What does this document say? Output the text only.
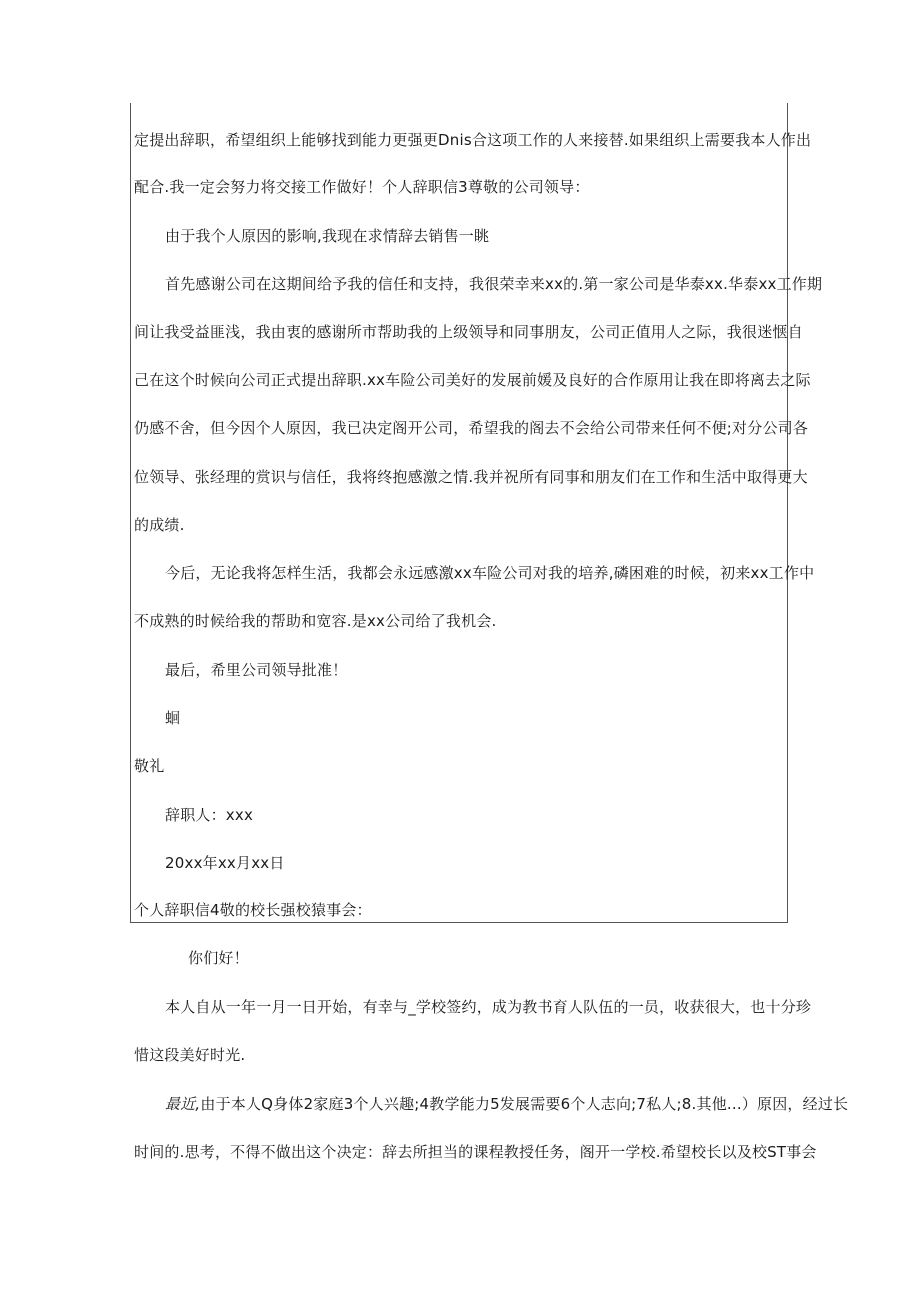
定提出辞职，希望组织上能够找到能力更强更Dnis合这项工作的人来接替.如果组织上需要我本人作出
配合.我一定会努力将交接工作做好！个人辞职信3尊敬的公司领导：
由于我个人原因的影响,我现在求情辞去销售一眺
首先感谢公司在这期间给予我的信任和支持，我很荣幸来xx的.第一家公司是华泰xx.华泰xx工作期
间让我受益匪浅，我由衷的感谢所市帮助我的上级领导和同事朋友，公司正值用人之际，我很迷惬自
己在这个时候向公司正式提出辞职.xx车险公司美好的发展前媛及良好的合作原用让我在即将离去之际
仍感不舍，但今因个人原因，我已决定阁开公司，希望我的阁去不会给公司带来任何不便;对分公司各
位领导、张经理的赏识与信任，我将终抱感激之情.我并祝所有同事和朋友们在工作和生活中取得更大
的成绩.
今后，无论我将怎样生活，我都会永远感激xx车险公司对我的培养,磷困难的时候，初来xx工作中
不成熟的时候给我的帮助和宽容.是xx公司给了我机会.
最后，希里公司领导批准！
蛔
敬礼
辞职人：xxx
20xx年xx月xx日
个人辞职信4敬的校长强校猿事会：
你们好！
本人自从一年一月一日开始，有幸与_学校签约，成为教书育人队伍的一员，收获很大，也十分珍
惜这段美好时光.
最近,由于本人Q身体2家庭3个人兴趣;4教学能力5发展需要6个人志向;7私人;8.其他...）原因，经过长
时间的.思考，不得不做出这个决定：辞去所担当的课程教授任务，阁开一学校.希望校长以及校ST事会
